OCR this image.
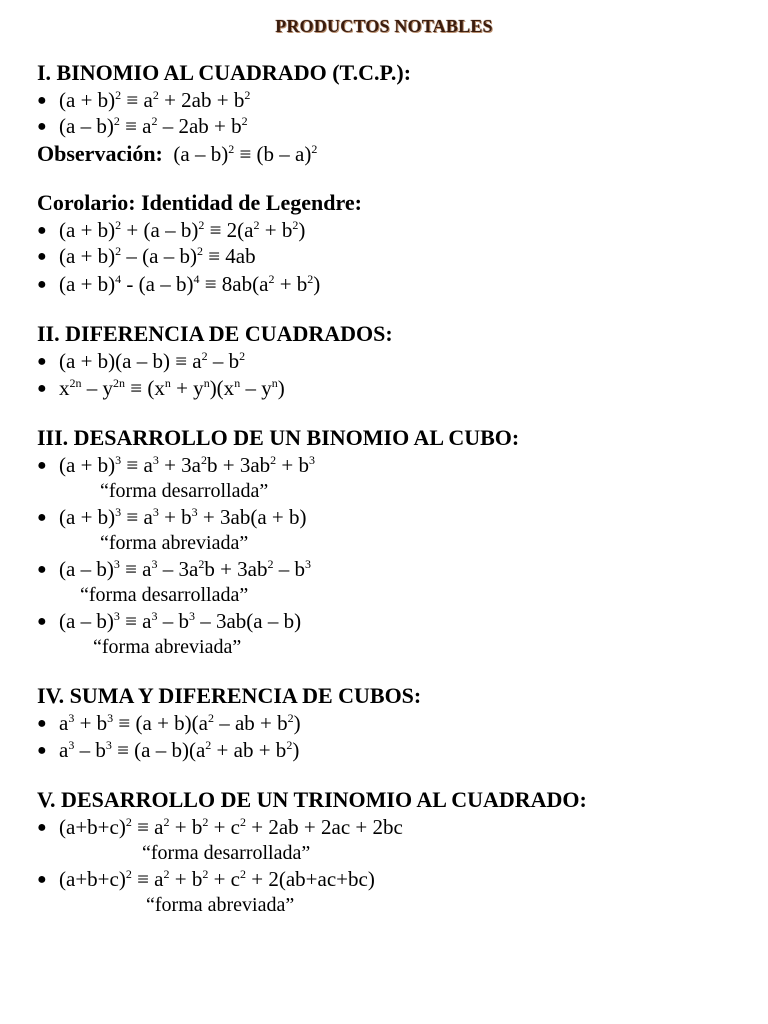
PRODUCTOS NOTABLES
I. BINOMIO AL CUADRADO (T.C.P.):
● $(a + b)^2 \equiv a^2 + 2ab + b^2$
● $(a - b)^2 \equiv a^2 - 2ab + b^2$
Observación: (a – b)$^2$ ≡ (b – a)$^2$
Corolario: Identidad de Legendre:
● $(a + b)^2 + (a - b)^2 \equiv 2(a^2 + b^2)$
● $(a + b)^2 - (a - b)^2 \equiv 4ab$
● $(a + b)^4 - (a - b)^4 \equiv 8ab(a^2 + b^2)$
II. DIFERENCIA DE CUADRADOS:
● $(a + b)(a - b) \equiv a^2 - b^2$
● $x^{2n} - y^{2n} \equiv (x^n + y^n)(x^n - y^n)$
III. DESARROLLO DE UN BINOMIO AL CUBO:
● $(a + b)^3 \equiv a^3 + 3a^2b + 3ab^2 + b^3$
“forma desarrollada”
● $(a + b)^3 \equiv a^3 + b^3 + 3ab(a + b)$
“forma abreviada”
● $(a - b)^3 \equiv a^3 - 3a^2b + 3ab^2 - b^3$
“forma desarrollada”
● $(a - b)^3 \equiv a^3 - b^3 - 3ab(a - b)$
“forma abreviada”
IV. SUMA Y DIFERENCIA DE CUBOS:
● $a^3 + b^3 \equiv (a + b)(a^2$ – ab + $b^2$)
● $a^3 - b^3 \equiv (a - b)(a^2$ + ab + $b^2$)
V. DESARROLLO DE UN TRINOMIO AL CUADRADO:
● $(a+b+c)^2 \equiv a^2 + b^2 + c^2 + 2ab + 2ac + 2bc$
“forma desarrollada”
● $(a+b+c)^2 \equiv a^2 + b^2 + c^2 + 2(ab+ac+bc)$
“forma abreviada”
